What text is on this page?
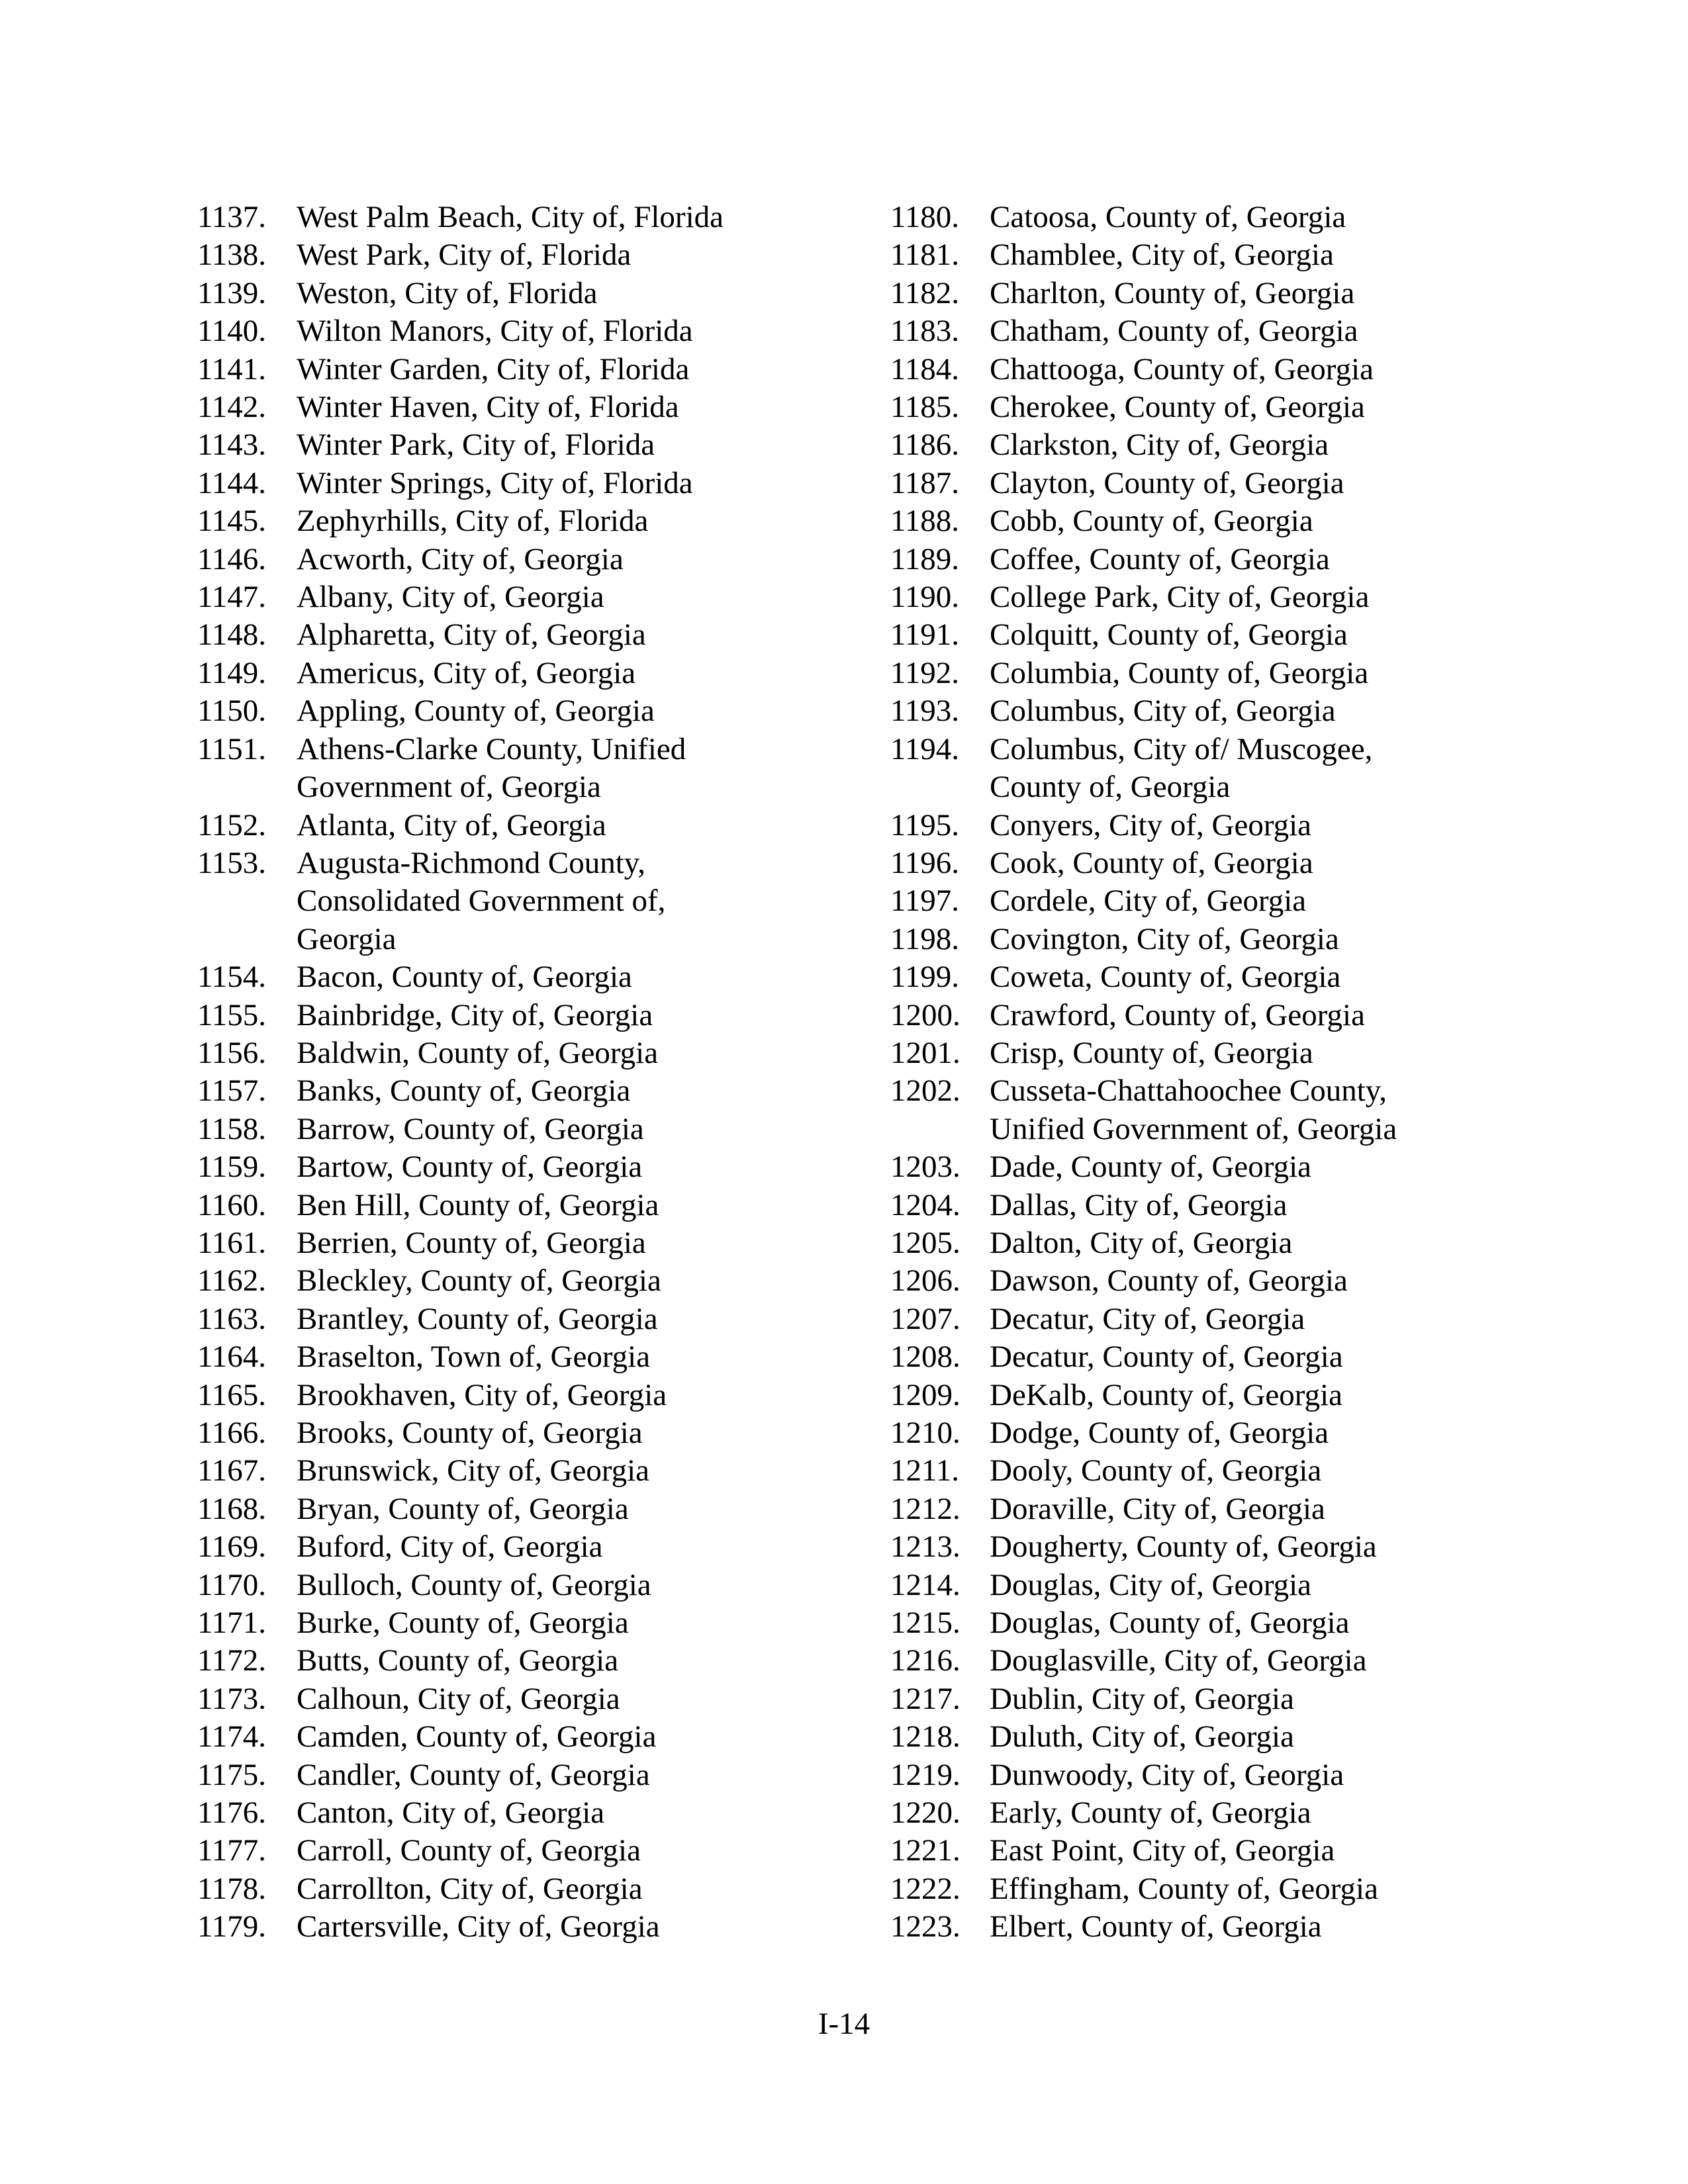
1137. West Palm Beach, City of, Florida
1138. West Park, City of, Florida
1139. Weston, City of, Florida
1140. Wilton Manors, City of, Florida
1141. Winter Garden, City of, Florida
1142. Winter Haven, City of, Florida
1143. Winter Park, City of, Florida
1144. Winter Springs, City of, Florida
1145. Zephyrhills, City of, Florida
1146. Acworth, City of, Georgia
1147. Albany, City of, Georgia
1148. Alpharetta, City of, Georgia
1149. Americus, City of, Georgia
1150. Appling, County of, Georgia
1151. Athens-Clarke County, Unified
Government of, Georgia
1152. Atlanta, City of, Georgia
1153. Augusta-Richmond County,
Consolidated Government of,
Georgia
1154. Bacon, County of, Georgia
1155. Bainbridge, City of, Georgia
1156. Baldwin, County of, Georgia
1157. Banks, County of, Georgia
1158. Barrow, County of, Georgia
1159. Bartow, County of, Georgia
1160. Ben Hill, County of, Georgia
1161. Berrien, County of, Georgia
1162. Bleckley, County of, Georgia
1163. Brantley, County of, Georgia
1164. Braselton, Town of, Georgia
1165. Brookhaven, City of, Georgia
1166. Brooks, County of, Georgia
1167. Brunswick, City of, Georgia
1168. Bryan, County of, Georgia
1169. Buford, City of, Georgia
1170. Bulloch, County of, Georgia
1171. Burke, County of, Georgia
1172. Butts, County of, Georgia
1173. Calhoun, City of, Georgia
1174. Camden, County of, Georgia
1175. Candler, County of, Georgia
1176. Canton, City of, Georgia
1177. Carroll, County of, Georgia
1178. Carrollton, City of, Georgia
1179. Cartersville, City of, Georgia
1180. Catoosa, County of, Georgia
1181. Chamblee, City of, Georgia
1182. Charlton, County of, Georgia
1183. Chatham, County of, Georgia
1184. Chattooga, County of, Georgia
1185. Cherokee, County of, Georgia
1186. Clarkston, City of, Georgia
1187. Clayton, County of, Georgia
1188. Cobb, County of, Georgia
1189. Coffee, County of, Georgia
1190. College Park, City of, Georgia
1191. Colquitt, County of, Georgia
1192. Columbia, County of, Georgia
1193. Columbus, City of, Georgia
1194. Columbus, City of/ Muscogee,
County of, Georgia
1195. Conyers, City of, Georgia
1196. Cook, County of, Georgia
1197. Cordele, City of, Georgia
1198. Covington, City of, Georgia
1199. Coweta, County of, Georgia
1200. Crawford, County of, Georgia
1201. Crisp, County of, Georgia
1202. Cusseta-Chattahoochee County,
Unified Government of, Georgia
1203. Dade, County of, Georgia
1204. Dallas, City of, Georgia
1205. Dalton, City of, Georgia
1206. Dawson, County of, Georgia
1207. Decatur, City of, Georgia
1208. Decatur, County of, Georgia
1209. DeKalb, County of, Georgia
1210. Dodge, County of, Georgia
1211. Dooly, County of, Georgia
1212. Doraville, City of, Georgia
1213. Dougherty, County of, Georgia
1214. Douglas, City of, Georgia
1215. Douglas, County of, Georgia
1216. Douglasville, City of, Georgia
1217. Dublin, City of, Georgia
1218. Duluth, City of, Georgia
1219. Dunwoody, City of, Georgia
1220. Early, County of, Georgia
1221. East Point, City of, Georgia
1222. Effingham, County of, Georgia
1223. Elbert, County of, Georgia
I-14
